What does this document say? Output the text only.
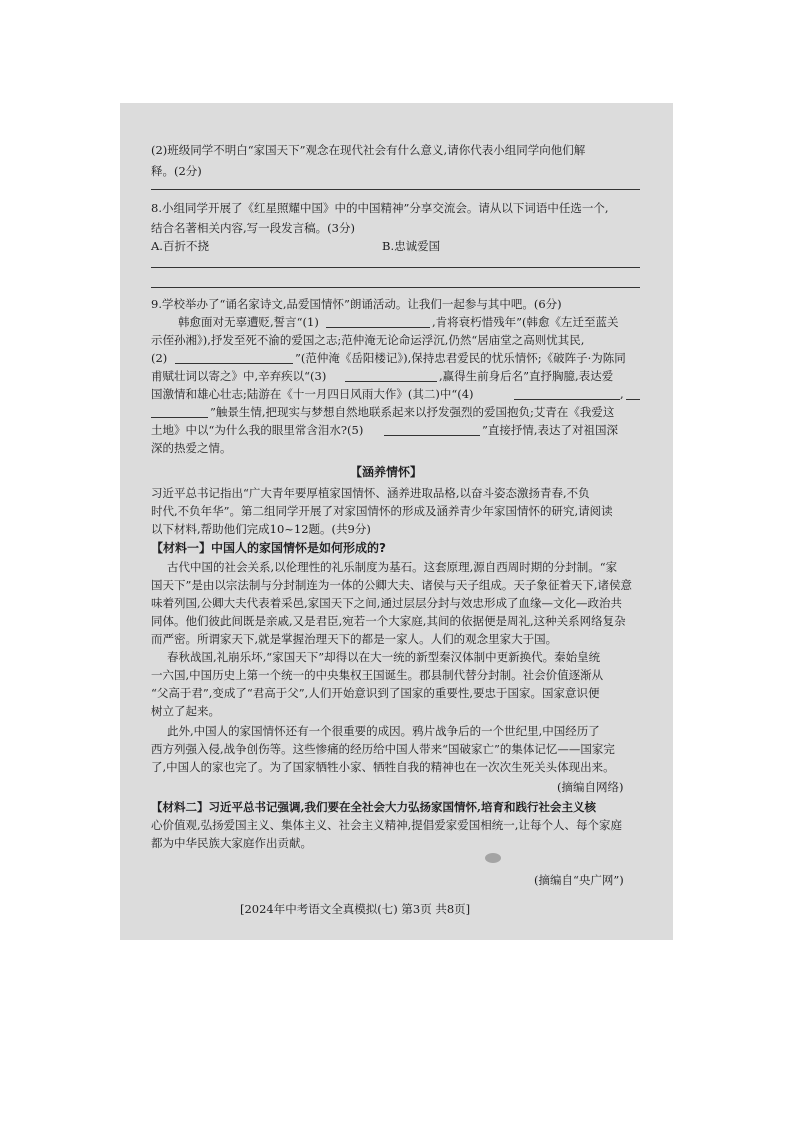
(2)班级同学不明白“家国天下”观念在现代社会有什么意义,请你代表小组同学向他们解
释。(2分)
8.小组同学开展了《红星照耀中国》中的中国精神”分享交流会。请从以下词语中任选一个,
结合名著相关内容,写一段发言稿。(3分)
A.百折不挠	B.忠诚爱国
9.学校举办了“诵名家诗文,品爱国情怀”朗诵活动。让我们一起参与其中吧。(6分)
韩愈面对无辜遭贬,誓言“(1)	,肯将衰朽惜残年”(韩愈《左迁至蓝关
示侄孙湘》),抒发至死不渝的爱国之志;范仲淹无论命运浮沉,仍然“居庙堂之高则忧其民,
(2)	”(范仲淹《岳阳楼记》),保持忠君爱民的忧乐情怀;《破阵子·为陈同
甫赋壮词以寄之》中,辛弃疾以“(3)	,赢得生前身后名”直抒胸臆,表达爱
国激情和雄心壮志;陆游在《十一月四日风雨大作》(其二)中“(4)	,
”触景生情,把现实与梦想自然地联系起来以抒发强烈的爱国抱负;艾青在《我爱这
土地》中以“为什么我的眼里常含泪水?(5)	”直接抒情,表达了对祖国深
深的热爱之情。
【涵养情怀】
习近平总书记指出“广大青年要厚植家国情怀、涵养进取品格,以奋斗姿态激扬青春,不负
时代,不负年华”。第二组同学开展了对家国情怀的形成及涵养青少年家国情怀的研究,请阅读
以下材料,帮助他们完成10~12题。(共9分)
【材料一】中国人的家国情怀是如何形成的?
古代中国的社会关系,以伦理性的礼乐制度为基石。这套原理,源自西周时期的分封制。“家
国天下”是由以宗法制与分封制连为一体的公卿大夫、诸侯与天子组成。天子象征着天下,诸侯意
味着列国,公卿大夫代表着采邑,家国天下之间,通过层层分封与效忠形成了血缘—文化—政治共
同体。他们彼此间既是亲戚,又是君臣,宛若一个大家庭,其间的依据便是周礼,这种关系网络复杂
而严密。所谓家天下,就是掌握治理天下的都是一家人。人们的观念里家大于国。
春秋战国,礼崩乐坏,“家国天下”却得以在大一统的新型秦汉体制中更新换代。秦始皇统
一六国,中国历史上第一个统一的中央集权王国诞生。郡县制代替分封制。社会价值逐渐从
“父高于君”,变成了“君高于父”,人们开始意识到了国家的重要性,要忠于国家。国家意识便
树立了起来。
此外,中国人的家国情怀还有一个很重要的成因。鸦片战争后的一个世纪里,中国经历了
西方列强入侵,战争创伤等。这些惨痛的经历给中国人带来“国破家亡”的集体记忆——国家完
了,中国人的家也完了。为了国家牺牲小家、牺牲自我的精神也在一次次生死关头体现出来。
(摘编自网络)
【材料二】习近平总书记强调,我们要在全社会大力弘扬家国情怀,培育和践行社会主义核
心价值观,弘扬爱国主义、集体主义、社会主义精神,提倡爱家爱国相统一,让每个人、每个家庭
都为中华民族大家庭作出贡献。
(摘编自“央广网”)
[2024年中考语文全真模拟(七) 第3页 共8页]
